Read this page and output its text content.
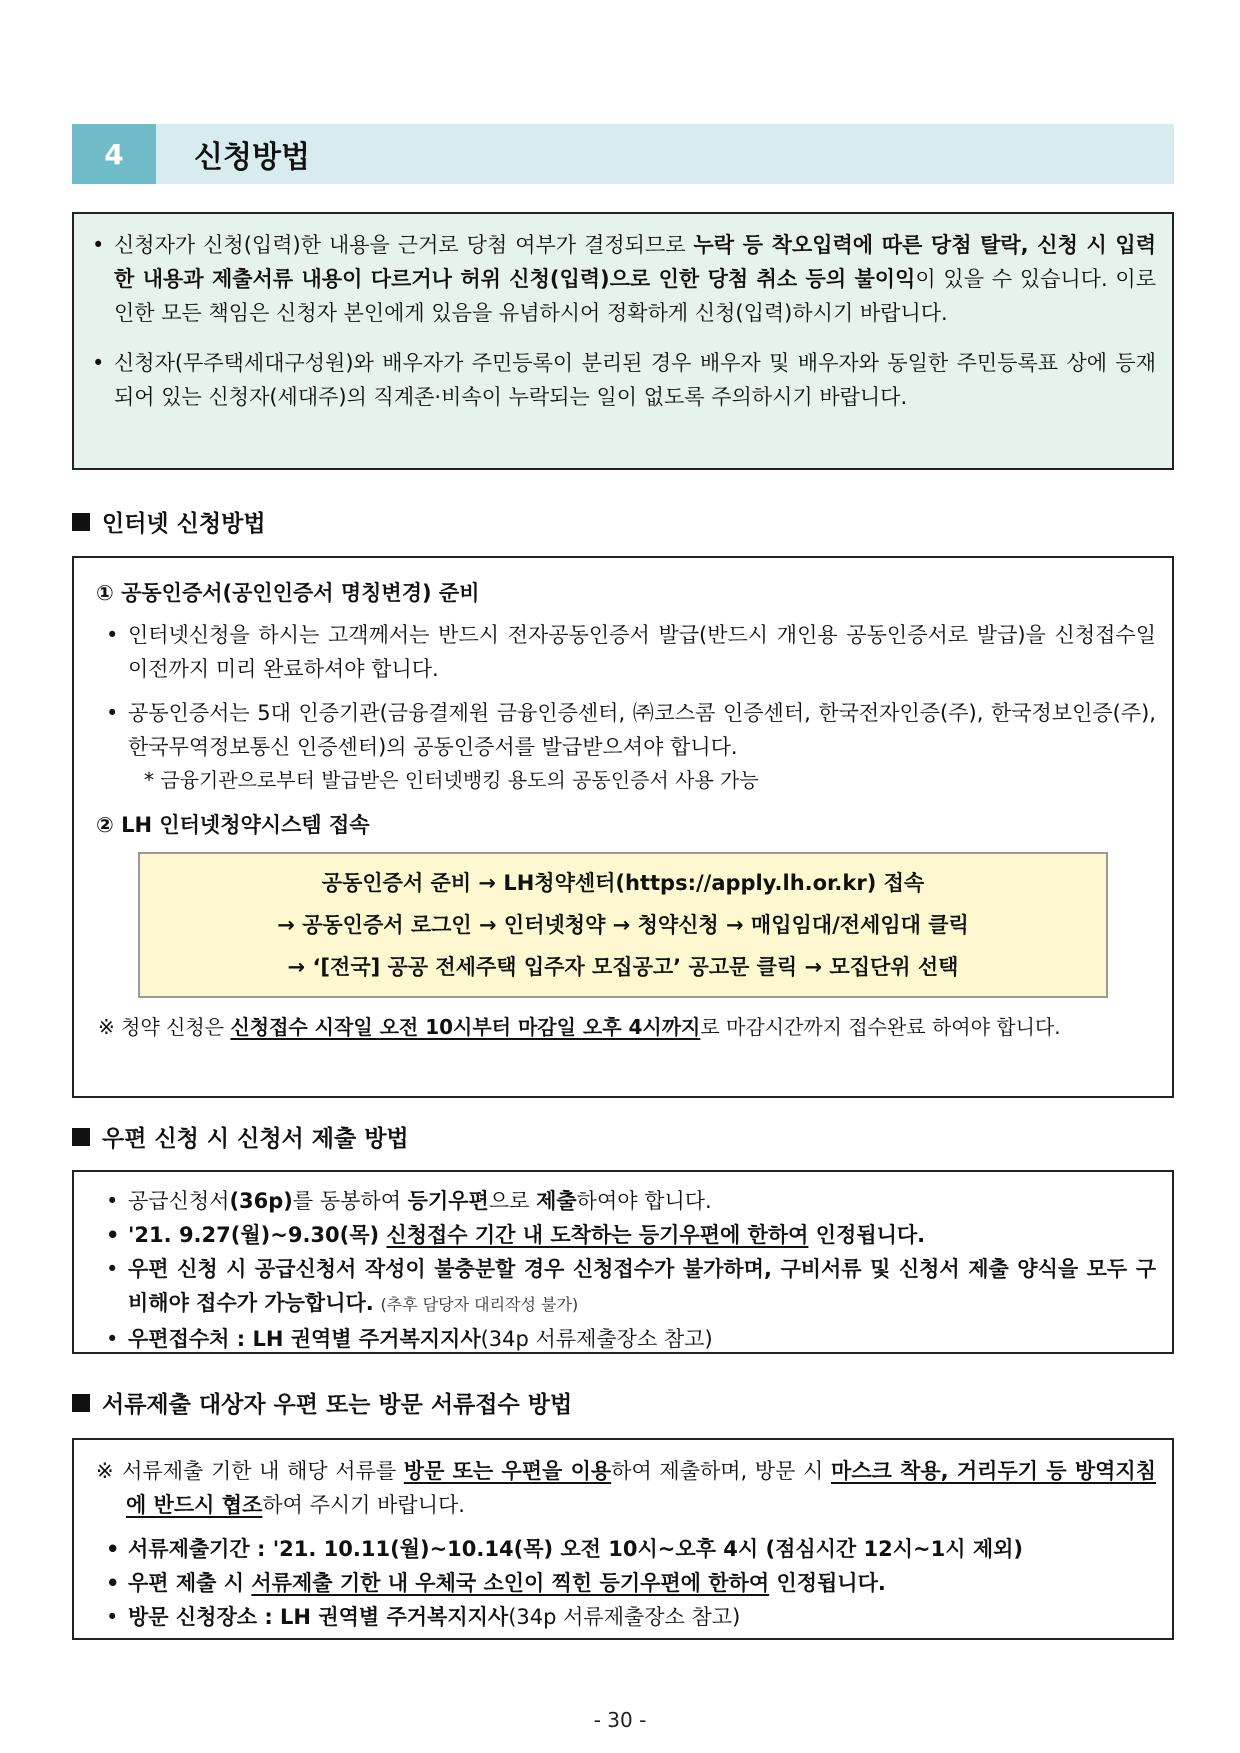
4	신청방법
• 신청자가 신청(입력)한 내용을 근거로 당첨 여부가 결정되므로 누락 등 착오입력에 따른 당첨 탈락, 신청 시 입력한 내용과 제출서류 내용이 다르거나 허위 신청(입력)으로 인한 당첨 취소 등의 불이익이 있을 수 있습니다. 이로 인한 모든 책임은 신청자 본인에게 있음을 유념하시어 정확하게 신청(입력)하시기 바랍니다.
• 신청자(무주택세대구성원)와 배우자가 주민등록이 분리된 경우 배우자 및 배우자와 동일한 주민등록표 상에 등재되어 있는 신청자(세대주)의 직계존·비속이 누락되는 일이 없도록 주의하시기 바랍니다.
인터넷 신청방법
① 공동인증서(공인인증서 명칭변경) 준비
• 인터넷신청을 하시는 고객께서는 반드시 전자공동인증서 발급(반드시 개인용 공동인증서로 발급)을 신청접수일 이전까지 미리 완료하셔야 합니다.
• 공동인증서는 5대 인증기관(금융결제원 금융인증센터, ㈜코스콤 인증센터, 한국전자인증(주), 한국정보인증(주), 한국무역정보통신 인증센터)의 공동인증서를 발급받으셔야 합니다.
* 금융기관으로부터 발급받은 인터넷뱅킹 용도의 공동인증서 사용 가능
② LH 인터넷청약시스템 접속
공동인증서 준비 → LH청약센터(https://apply.lh.or.kr) 접속
→ 공동인증서 로그인 → 인터넷청약 → 청약신청 → 매입임대/전세임대 클릭
→ ‘[전국] 공공 전세주택 입주자 모집공고’ 공고문 클릭 → 모집단위 선택
※ 청약 신청은 신청접수 시작일 오전 10시부터 마감일 오후 4시까지로 마감시간까지 접수완료 하여야 합니다.
우편 신청 시 신청서 제출 방법
• 공급신청서(36p)를 동봉하여 등기우편으로 제출하여야 합니다.
• '21. 9.27(월)~9.30(목) 신청접수 기간 내 도착하는 등기우편에 한하여 인정됩니다.
• 우편 신청 시 공급신청서 작성이 불충분할 경우 신청접수가 불가하며, 구비서류 및 신청서 제출 양식을 모두 구비해야 접수가 가능합니다. (추후 담당자 대리작성 불가)
• 우편접수처 : LH 권역별 주거복지지사(34p 서류제출장소 참고)
서류제출 대상자 우편 또는 방문 서류접수 방법
※ 서류제출 기한 내 해당 서류를 방문 또는 우편을 이용하여 제출하며, 방문 시 마스크 착용, 거리두기 등 방역지침에 반드시 협조하여 주시기 바랍니다.
• 서류제출기간 : '21. 10.11(월)~10.14(목) 오전 10시~오후 4시 (점심시간 12시~1시 제외)
• 우편 제출 시 서류제출 기한 내 우체국 소인이 찍힌 등기우편에 한하여 인정됩니다.
• 방문 신청장소 : LH 권역별 주거복지지사(34p 서류제출장소 참고)
- 30 -
